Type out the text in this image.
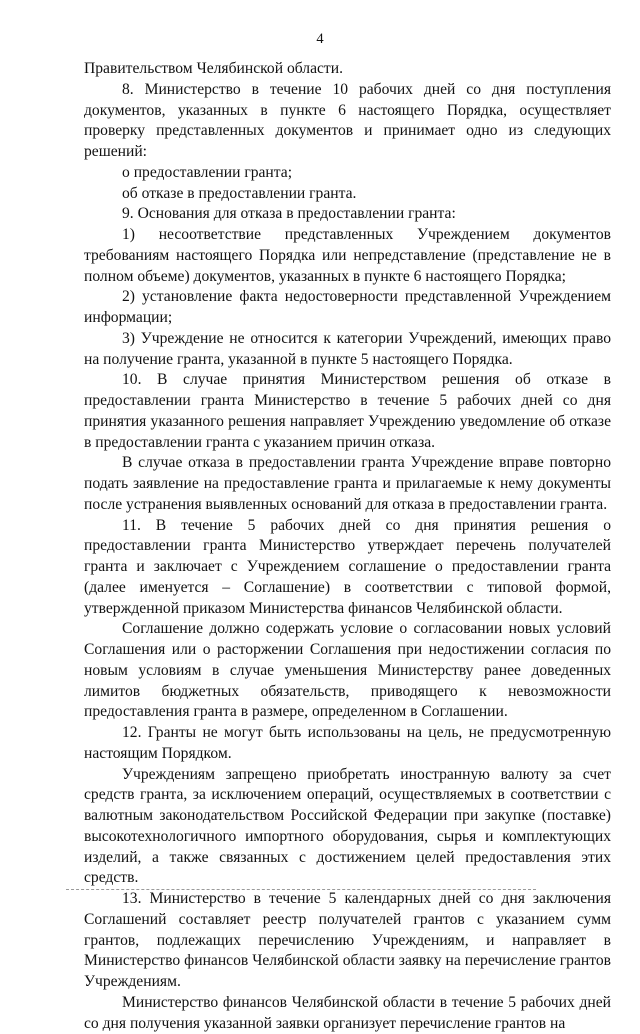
4

Правительством Челябинской области.

8. Министерство в течение 10 рабочих дней со дня поступления документов, указанных в пункте 6 настоящего Порядка, осуществляет проверку представленных документов и принимает одно из следующих решений:

о предоставлении гранта;

об отказе в предоставлении гранта.

9. Основания для отказа в предоставлении гранта:

1) несоответствие представленных Учреждением документов требованиям настоящего Порядка или непредставление (представление не в полном объеме) документов, указанных в пункте 6 настоящего Порядка;

2) установление факта недостоверности представленной Учреждением информации;

3) Учреждение не относится к категории Учреждений, имеющих право на получение гранта, указанной в пункте 5 настоящего Порядка.

10. В случае принятия Министерством решения об отказе в предоставлении гранта Министерство в течение 5 рабочих дней со дня принятия указанного решения направляет Учреждению уведомление об отказе в предоставлении гранта с указанием причин отказа.

В случае отказа в предоставлении гранта Учреждение вправе повторно подать заявление на предоставление гранта и прилагаемые к нему документы после устранения выявленных оснований для отказа в предоставлении гранта.

11. В течение 5 рабочих дней со дня принятия решения о предоставлении гранта Министерство утверждает перечень получателей гранта и заключает с Учреждением соглашение о предоставлении гранта (далее именуется – Соглашение) в соответствии с типовой формой, утвержденной приказом Министерства финансов Челябинской области.

Соглашение должно содержать условие о согласовании новых условий Соглашения или о расторжении Соглашения при недостижении согласия по новым условиям в случае уменьшения Министерству ранее доведенных лимитов бюджетных обязательств, приводящего к невозможности предоставления гранта в размере, определенном в Соглашении.

12. Гранты не могут быть использованы на цель, не предусмотренную настоящим Порядком.

Учреждениям запрещено приобретать иностранную валюту за счет средств гранта, за исключением операций, осуществляемых в соответствии с валютным законодательством Российской Федерации при закупке (поставке) высокотехнологичного импортного оборудования, сырья и комплектующих изделий, а также связанных с достижением целей предоставления этих средств.

13. Министерство в течение 5 календарных дней со дня заключения Соглашений составляет реестр получателей грантов с указанием сумм грантов, подлежащих перечислению Учреждениям, и направляет в Министерство финансов Челябинской области заявку на перечисление грантов Учреждениям.

Министерство финансов Челябинской области в течение 5 рабочих дней со дня получения указанной заявки организует перечисление грантов на
